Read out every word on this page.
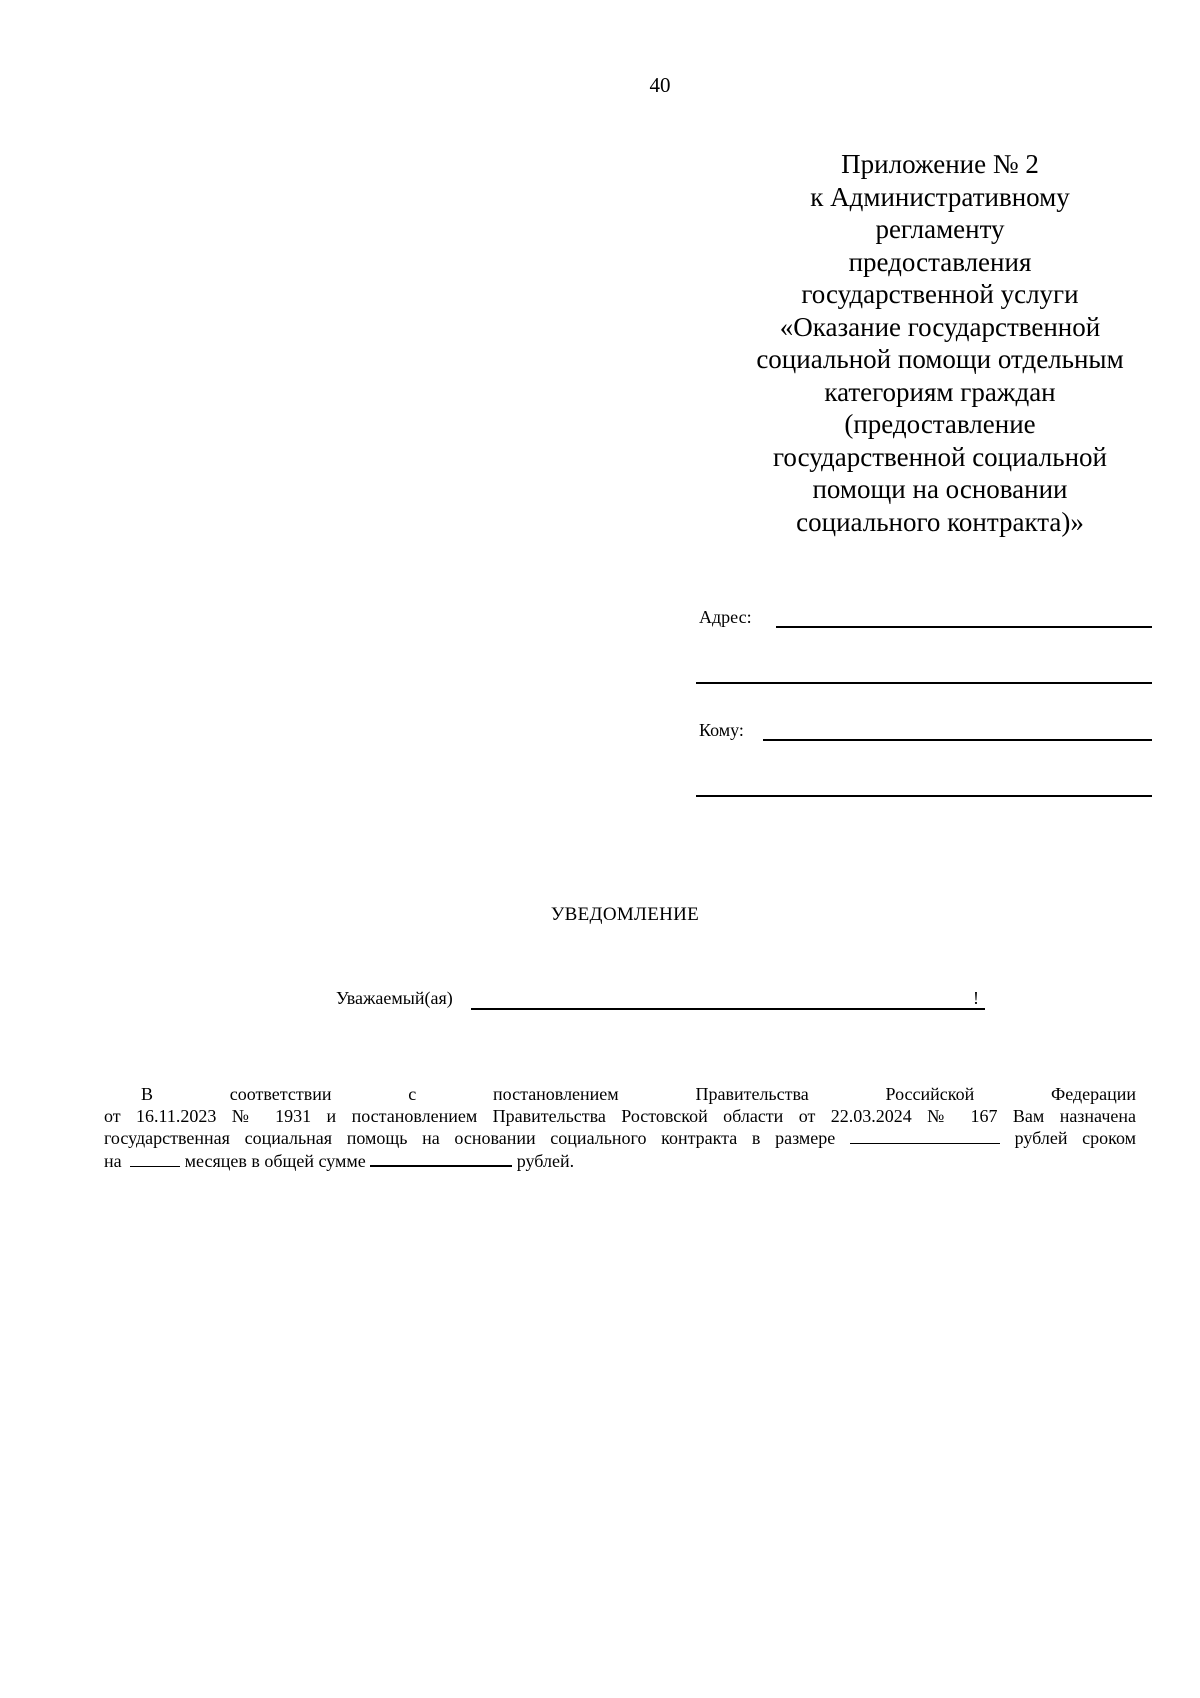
40
Приложение № 2
к Административному
регламенту
предоставления
государственной услуги
«Оказание государственной
социальной помощи отдельным
категориям граждан
(предоставление
государственной социальной
помощи на основании
социального контракта)»
Адрес:
Кому:
УВЕДОМЛЕНИЕ
Уважаемый(ая)	!
В	соответствии	с	постановлением	Правительства	Российской	Федерации
от 16.11.2023 № 1931 и постановлением Правительства Ростовской области от 22.03.2024 № 167 Вам назначена
государственная социальная помощь на основании социального контракта в размере	рублей сроком
на	месяцев в общей сумме	рублей.
